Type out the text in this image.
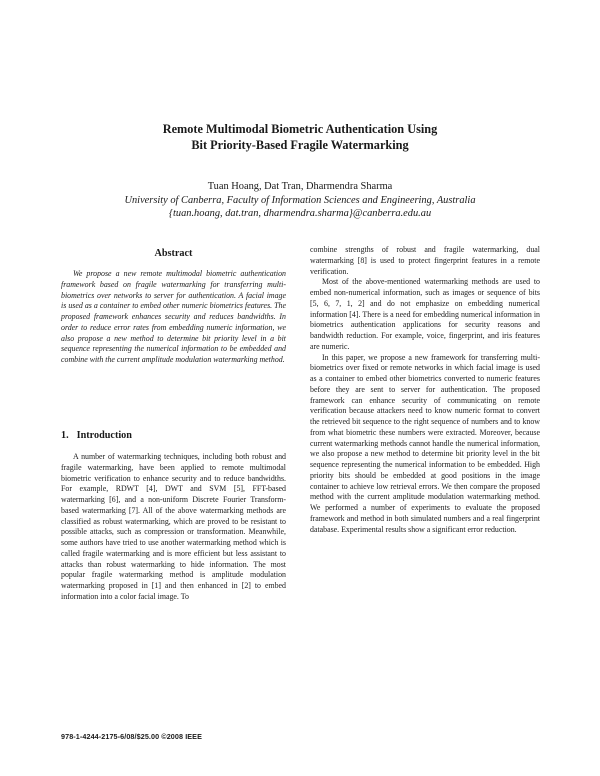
Remote Multimodal Biometric Authentication Using
Bit Priority-Based Fragile Watermarking
Tuan Hoang, Dat Tran, Dharmendra Sharma
University of Canberra, Faculty of Information Sciences and Engineering, Australia
{tuan.hoang, dat.tran, dharmendra.sharma}@canberra.edu.au
Abstract
We propose a new remote multimodal biometric authentication framework based on fragile watermarking for transferring multi-biometrics over networks to server for authentication. A facial image is used as a container to embed other numeric biometrics features. The proposed framework enhances security and reduces bandwidths. In order to reduce error rates from embedding numeric information, we also propose a new method to determine bit priority level in a bit sequence representing the numerical information to be embedded and combine with the current amplitude modulation watermarking method.
1. Introduction
A number of watermarking techniques, including both robust and fragile watermarking, have been applied to remote multimodal biometric verification to enhance security and to reduce bandwidths. For example, RDWT [4], DWT and SVM [5], FFT-based watermarking [6], and a non-uniform Discrete Fourier Transform-based watermarking [7]. All of the above watermarking methods are classified as robust watermarking, which are proved to be resistant to possible attacks, such as compression or transformation. Meanwhile, some authors have tried to use another watermarking method which is called fragile watermarking and is more efficient but less assistant to attacks than robust watermarking to hide information. The most popular fragile watermarking method is amplitude modulation watermarking proposed in [1] and then enhanced in [2] to embed information into a color facial image. To

combine strengths of robust and fragile watermarking, dual watermarking [8] is used to protect fingerprint features in a remote verification.

Most of the above-mentioned watermarking methods are used to embed non-numerical information, such as images or sequence of bits [5, 6, 7, 1, 2] and do not emphasize on embedding numerical information [4]. There is a need for embedding numerical information in biometrics authentication applications for security reasons and bandwidth reduction. For example, voice, fingerprint, and iris features are numeric.

In this paper, we propose a new framework for transferring multi-biometrics over fixed or remote networks in which facial image is used as a container to embed other biometrics converted to numeric features before they are sent to server for authentication. The proposed framework can enhance security of communicating on remote verification because attackers need to know numeric format to convert the retrieved bit sequence to the right sequence of numbers and to know from what biometric these numbers were extracted. Moreover, because current watermarking methods cannot handle the numerical information, we also propose a new method to determine bit priority level in the bit sequence representing the numerical information to be embedded. High priority bits should be embedded at good positions in the image container to achieve low retrieval errors. We then compare the proposed method with the current amplitude modulation watermarking method. We performed a number of experiments to evaluate the proposed framework and method in both simulated numbers and a real fingerprint database. Experimental results show a significant error reduction.

978-1-4244-2175-6/08/$25.00 ©2008 IEEE
